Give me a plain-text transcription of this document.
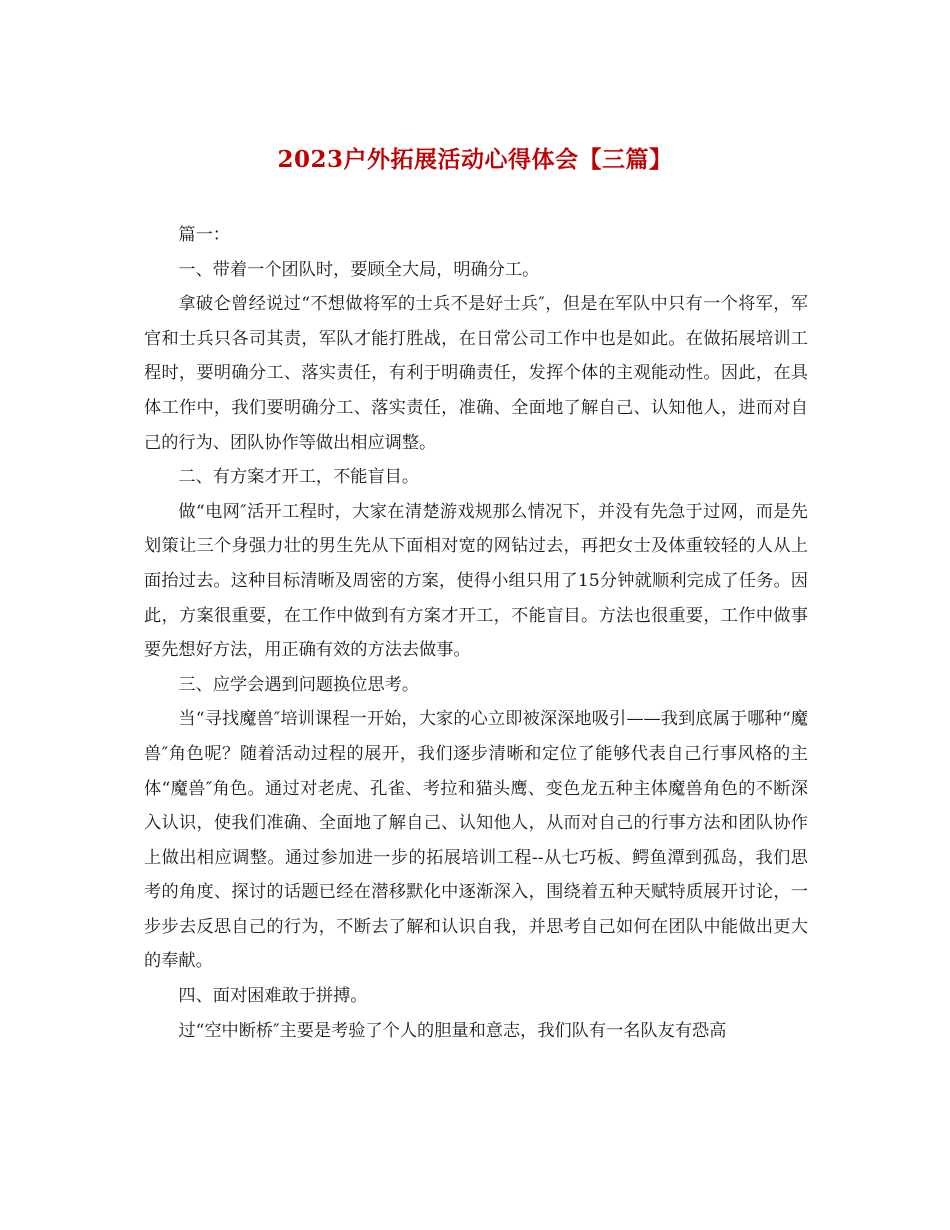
2023户外拓展活动心得体会【三篇】

篇一：

一、带着一个团队时，要顾全大局，明确分工。

拿破仑曾经说过“不想做将军的士兵不是好士兵″，但是在军队中只有一个将军，军官和士兵只各司其责，军队才能打胜战，在日常公司工作中也是如此。在做拓展培训工程时，要明确分工、落实责任，有利于明确责任，发挥个体的主观能动性。因此，在具体工作中，我们要明确分工、落实责任，准确、全面地了解自己、认知他人，进而对自己的行为、团队协作等做出相应调整。

二、有方案才开工，不能盲目。

做“电网″活开工程时，大家在清楚游戏规那么情况下，并没有先急于过网，而是先划策让三个身强力壮的男生先从下面相对宽的网钻过去，再把女士及体重较轻的人从上面抬过去。这种目标清晰及周密的方案，使得小组只用了15分钟就顺利完成了任务。因此，方案很重要，在工作中做到有方案才开工，不能盲目。方法也很重要，工作中做事要先想好方法，用正确有效的方法去做事。

三、应学会遇到问题换位思考。

当“寻找魔兽″培训课程一开始，大家的心立即被深深地吸引——我到底属于哪种“魔兽″角色呢？随着活动过程的展开，我们逐步清晰和定位了能够代表自己行事风格的主体“魔兽″角色。通过对老虎、孔雀、考拉和猫头鹰、变色龙五种主体魔兽角色的不断深入认识，使我们准确、全面地了解自己、认知他人，从而对自己的行事方法和团队协作上做出相应调整。通过参加进一步的拓展培训工程--从七巧板、鳄鱼潭到孤岛，我们思考的角度、探讨的话题已经在潜移默化中逐渐深入，围绕着五种天赋特质展开讨论，一步步去反思自己的行为，不断去了解和认识自我，并思考自己如何在团队中能做出更大的奉献。

四、面对困难敢于拼搏。

过“空中断桥″主要是考验了个人的胆量和意志，我们队有一名队友有恐高
